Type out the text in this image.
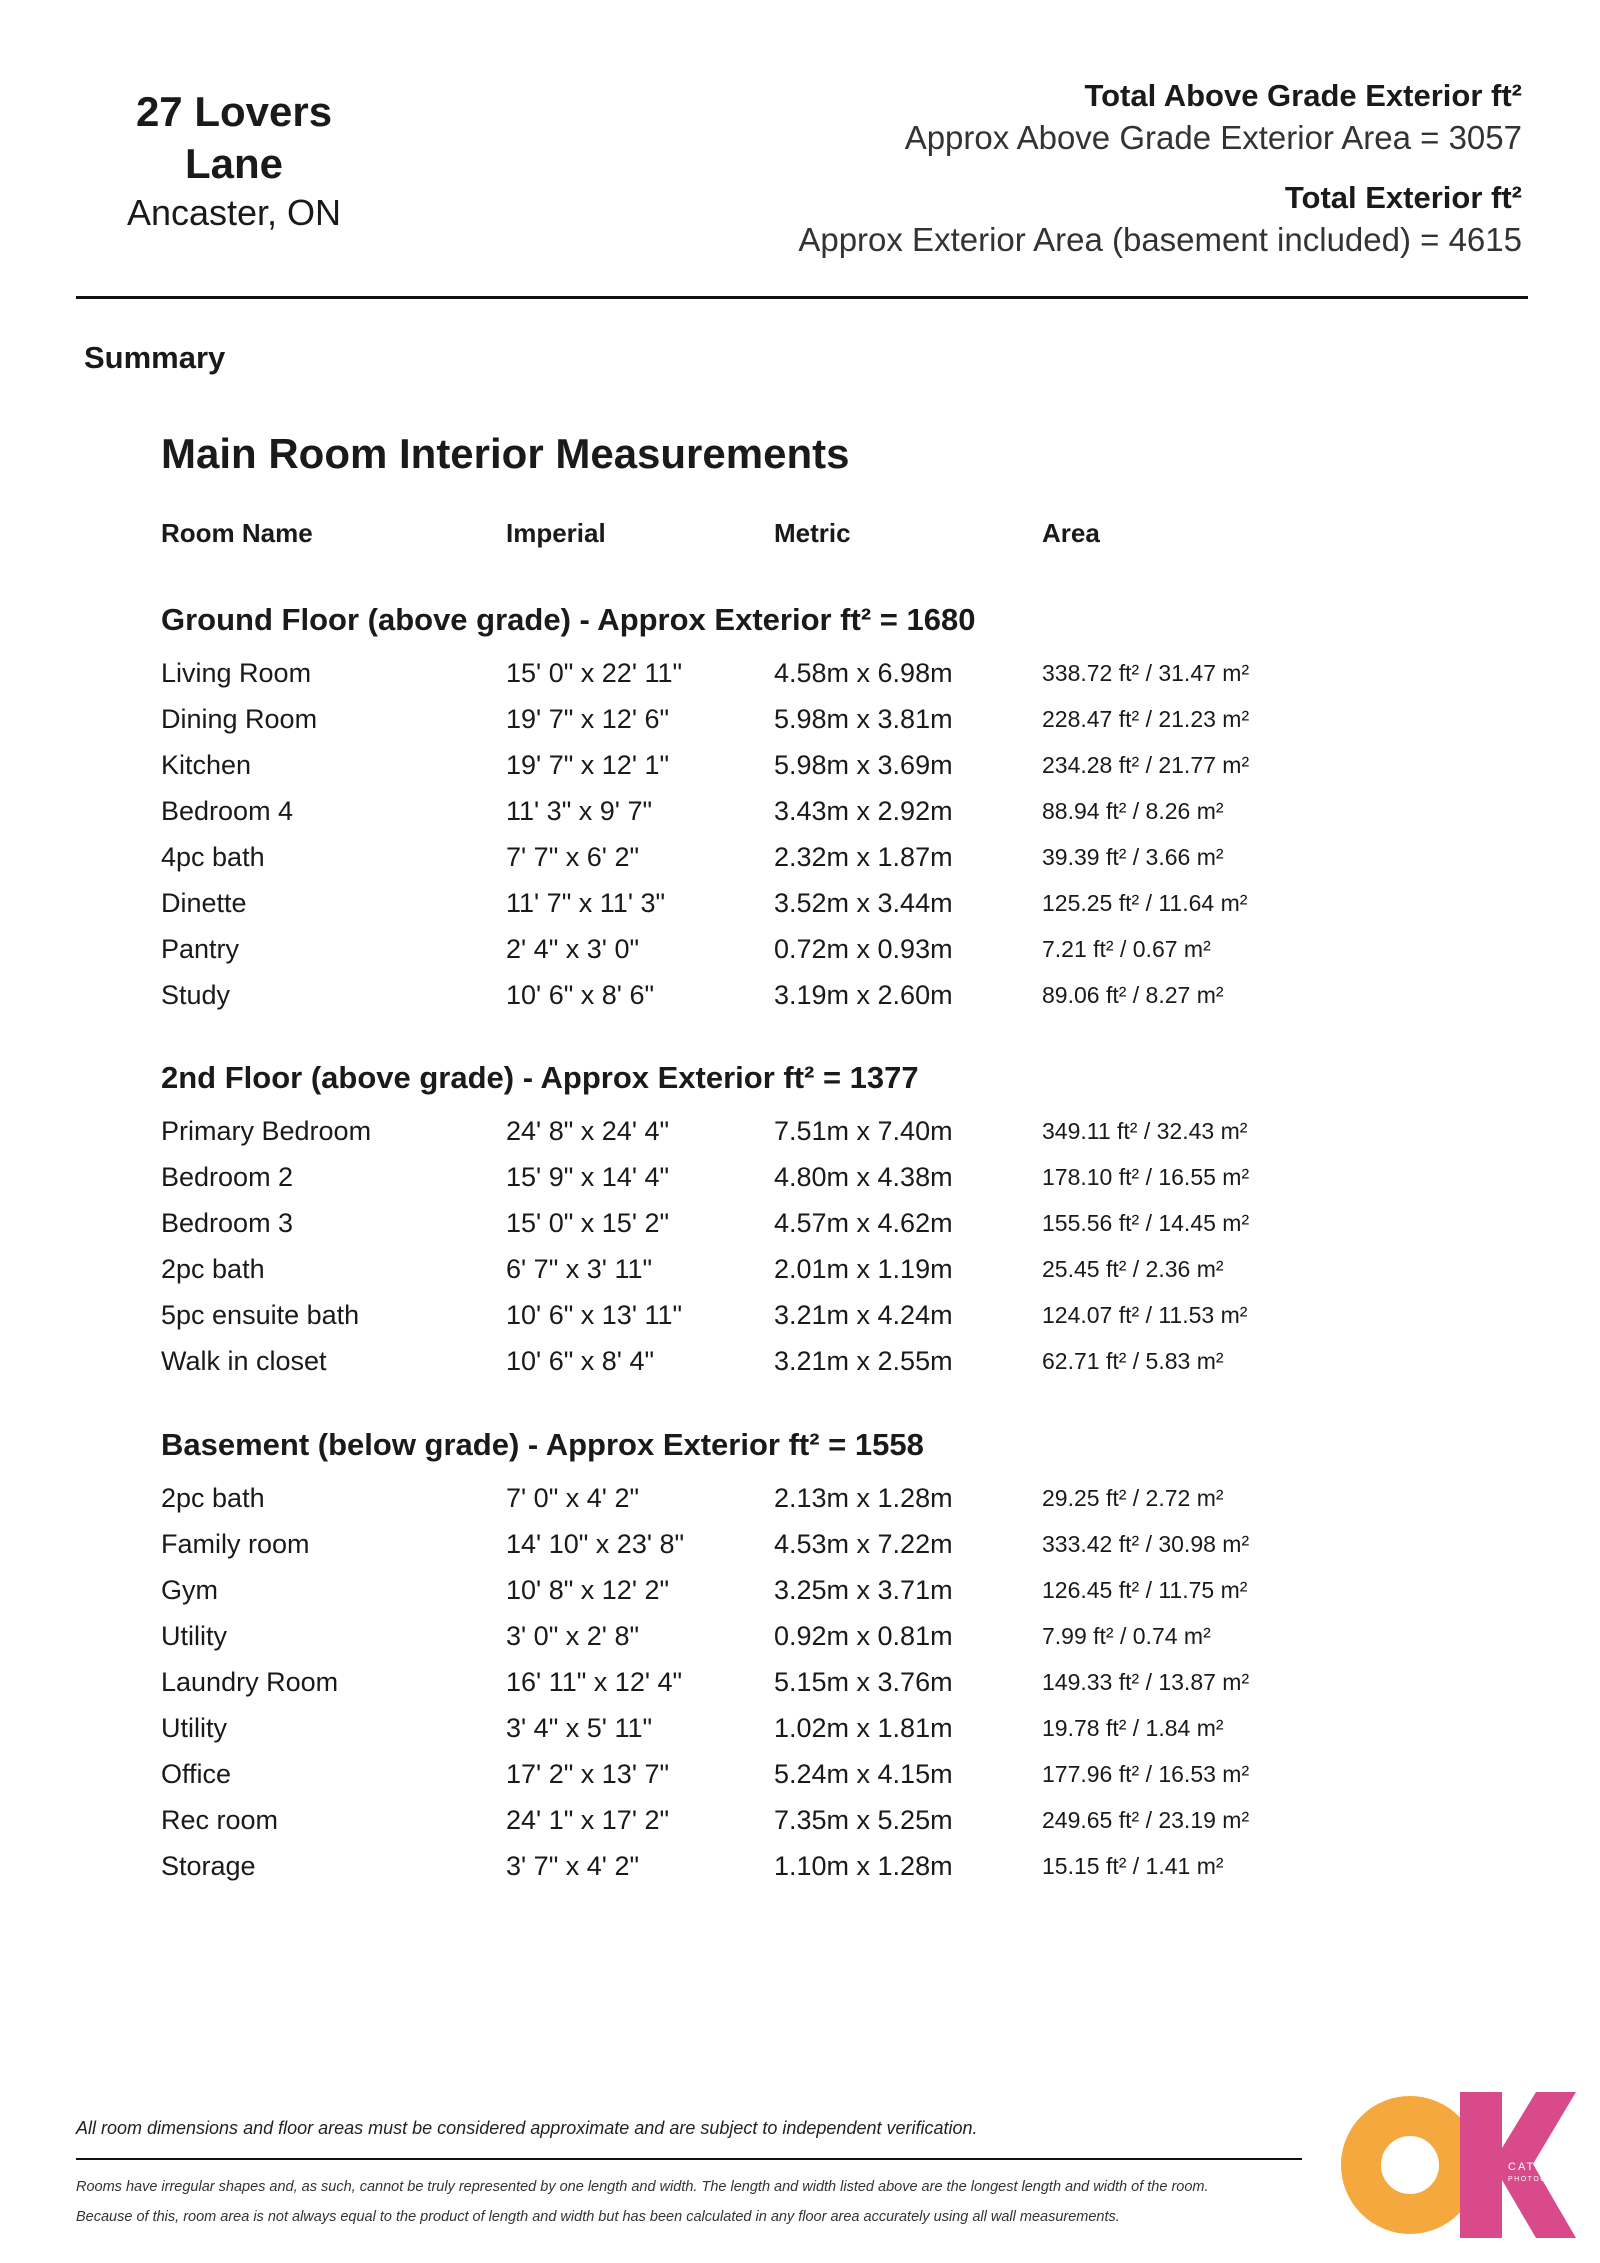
27 Lovers Lane
Ancaster, ON
Total Above Grade Exterior ft²
Approx Above Grade Exterior Area = 3057
Total Exterior ft²
Approx Exterior Area (basement included) = 4615
Summary
Main Room Interior Measurements
Room Name	Imperial	Metric	Area
Ground Floor (above grade) - Approx Exterior ft² = 1680
Living Room	15' 0" x 22' 11"	4.58m x 6.98m	338.72 ft² / 31.47 m²
Dining Room	19' 7" x 12' 6"	5.98m x 3.81m	228.47 ft² / 21.23 m²
Kitchen	19' 7" x 12' 1"	5.98m x 3.69m	234.28 ft² / 21.77 m²
Bedroom 4	11' 3" x 9' 7"	3.43m x 2.92m	88.94 ft² / 8.26 m²
4pc bath	7' 7" x 6' 2"	2.32m x 1.87m	39.39 ft² / 3.66 m²
Dinette	11' 7" x 11' 3"	3.52m x 3.44m	125.25 ft² / 11.64 m²
Pantry	2' 4" x 3' 0"	0.72m x 0.93m	7.21 ft² / 0.67 m²
Study	10' 6" x 8' 6"	3.19m x 2.60m	89.06 ft² / 8.27 m²
2nd Floor (above grade) - Approx Exterior ft² = 1377
Primary Bedroom	24' 8" x 24' 4"	7.51m x 7.40m	349.11 ft² / 32.43 m²
Bedroom 2	15' 9" x 14' 4"	4.80m x 4.38m	178.10 ft² / 16.55 m²
Bedroom 3	15' 0" x 15' 2"	4.57m x 4.62m	155.56 ft² / 14.45 m²
2pc bath	6' 7" x 3' 11"	2.01m x 1.19m	25.45 ft² / 2.36 m²
5pc ensuite bath	10' 6" x 13' 11"	3.21m x 4.24m	124.07 ft² / 11.53 m²
Walk in closet	10' 6" x 8' 4"	3.21m x 2.55m	62.71 ft² / 5.83 m²
Basement (below grade) - Approx Exterior ft² = 1558
2pc bath	7' 0" x 4' 2"	2.13m x 1.28m	29.25 ft² / 2.72 m²
Family room	14' 10" x 23' 8"	4.53m x 7.22m	333.42 ft² / 30.98 m²
Gym	10' 8" x 12' 2"	3.25m x 3.71m	126.45 ft² / 11.75 m²
Utility	3' 0" x 2' 8"	0.92m x 0.81m	7.99 ft² / 0.74 m²
Laundry Room	16' 11" x 12' 4"	5.15m x 3.76m	149.33 ft² / 13.87 m²
Utility	3' 4" x 5' 11"	1.02m x 1.81m	19.78 ft² / 1.84 m²
Office	17' 2" x 13' 7"	5.24m x 4.15m	177.96 ft² / 16.53 m²
Rec room	24' 1" x 17' 2"	7.35m x 5.25m	249.65 ft² / 23.19 m²
Storage	3' 7" x 4' 2"	1.10m x 1.28m	15.15 ft² / 1.41 m²
All room dimensions and floor areas must be considered approximate and are subject to independent verification.
Rooms have irregular shapes and, as such, cannot be truly represented by one length and width. The length and width listed above are the longest length and width of the room.
Because of this, room area is not always equal to the product of length and width but has been calculated in any floor area accurately using all wall measurements.
CATHY KOOP
PHOTOGRAPHY
